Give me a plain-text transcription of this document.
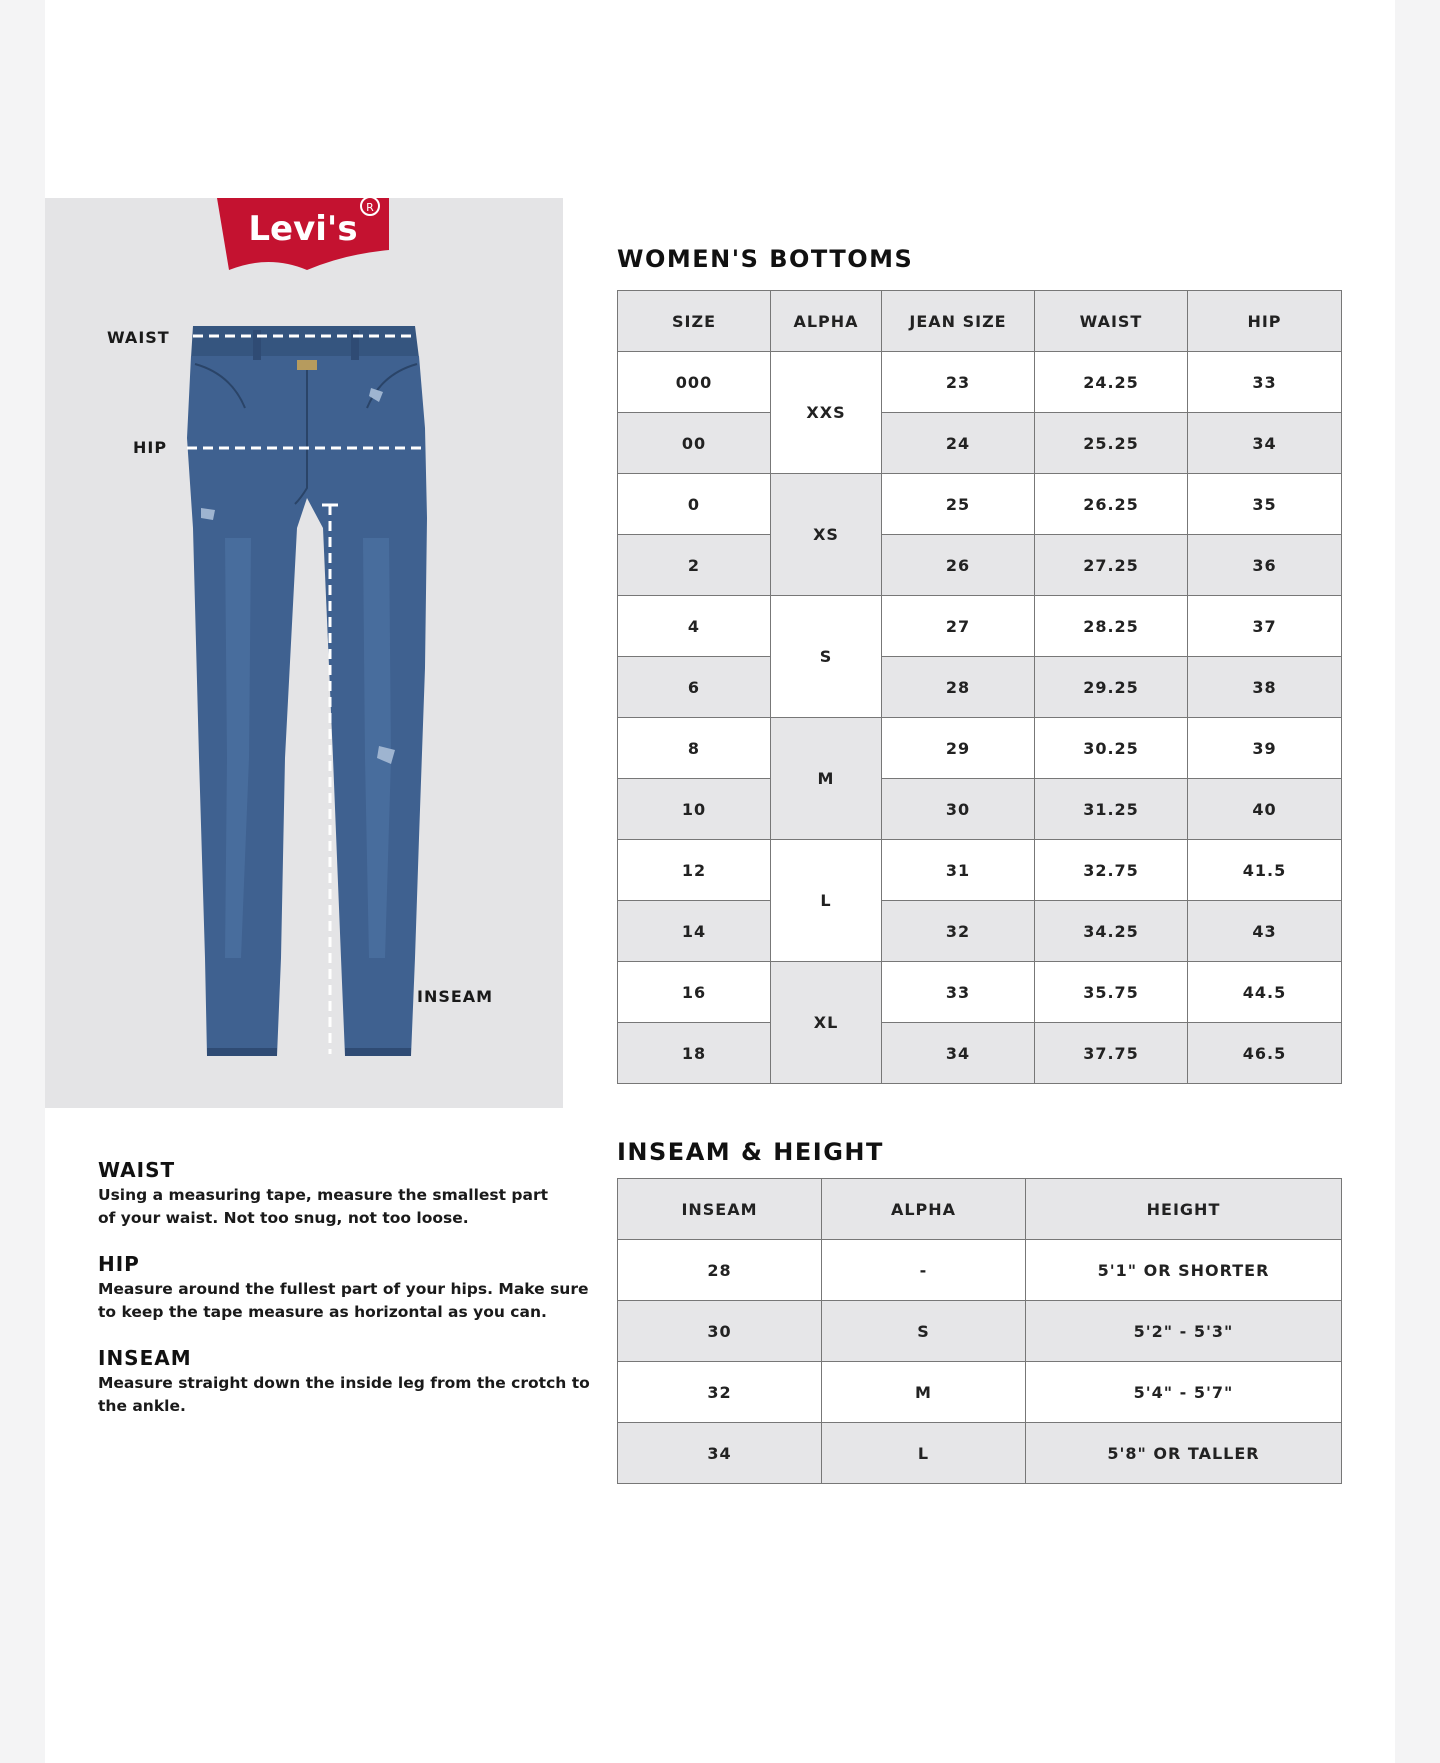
Levi's
R
WAIST
HIP
INSEAM
WOMEN'S BOTTOMS
SIZE	ALPHA	JEAN SIZE	WAIST	HIP
000	XXS	23	24.25	33
00		24	25.25	34
0	XS	25	26.25	35
2		26	27.25	36
4	S	27	28.25	37
6		28	29.25	38
8	M	29	30.25	39
10		30	31.25	40
12	L	31	32.75	41.5
14		32	34.25	43
16	XL	33	35.75	44.5
18		34	37.75	46.5
INSEAM & HEIGHT
INSEAM	ALPHA	HEIGHT
28	-	5'1" OR SHORTER
30	S	5'2" - 5'3"
32	M	5'4" - 5'7"
34	L	5'8" OR TALLER
WAIST

Using a measuring tape, measure the smallest part

of your waist. Not too snug, not too loose.

HIP

Measure around the fullest part of your hips. Make sure

to keep the tape measure as horizontal as you can.

INSEAM

Measure straight down the inside leg from the crotch to

the ankle.
